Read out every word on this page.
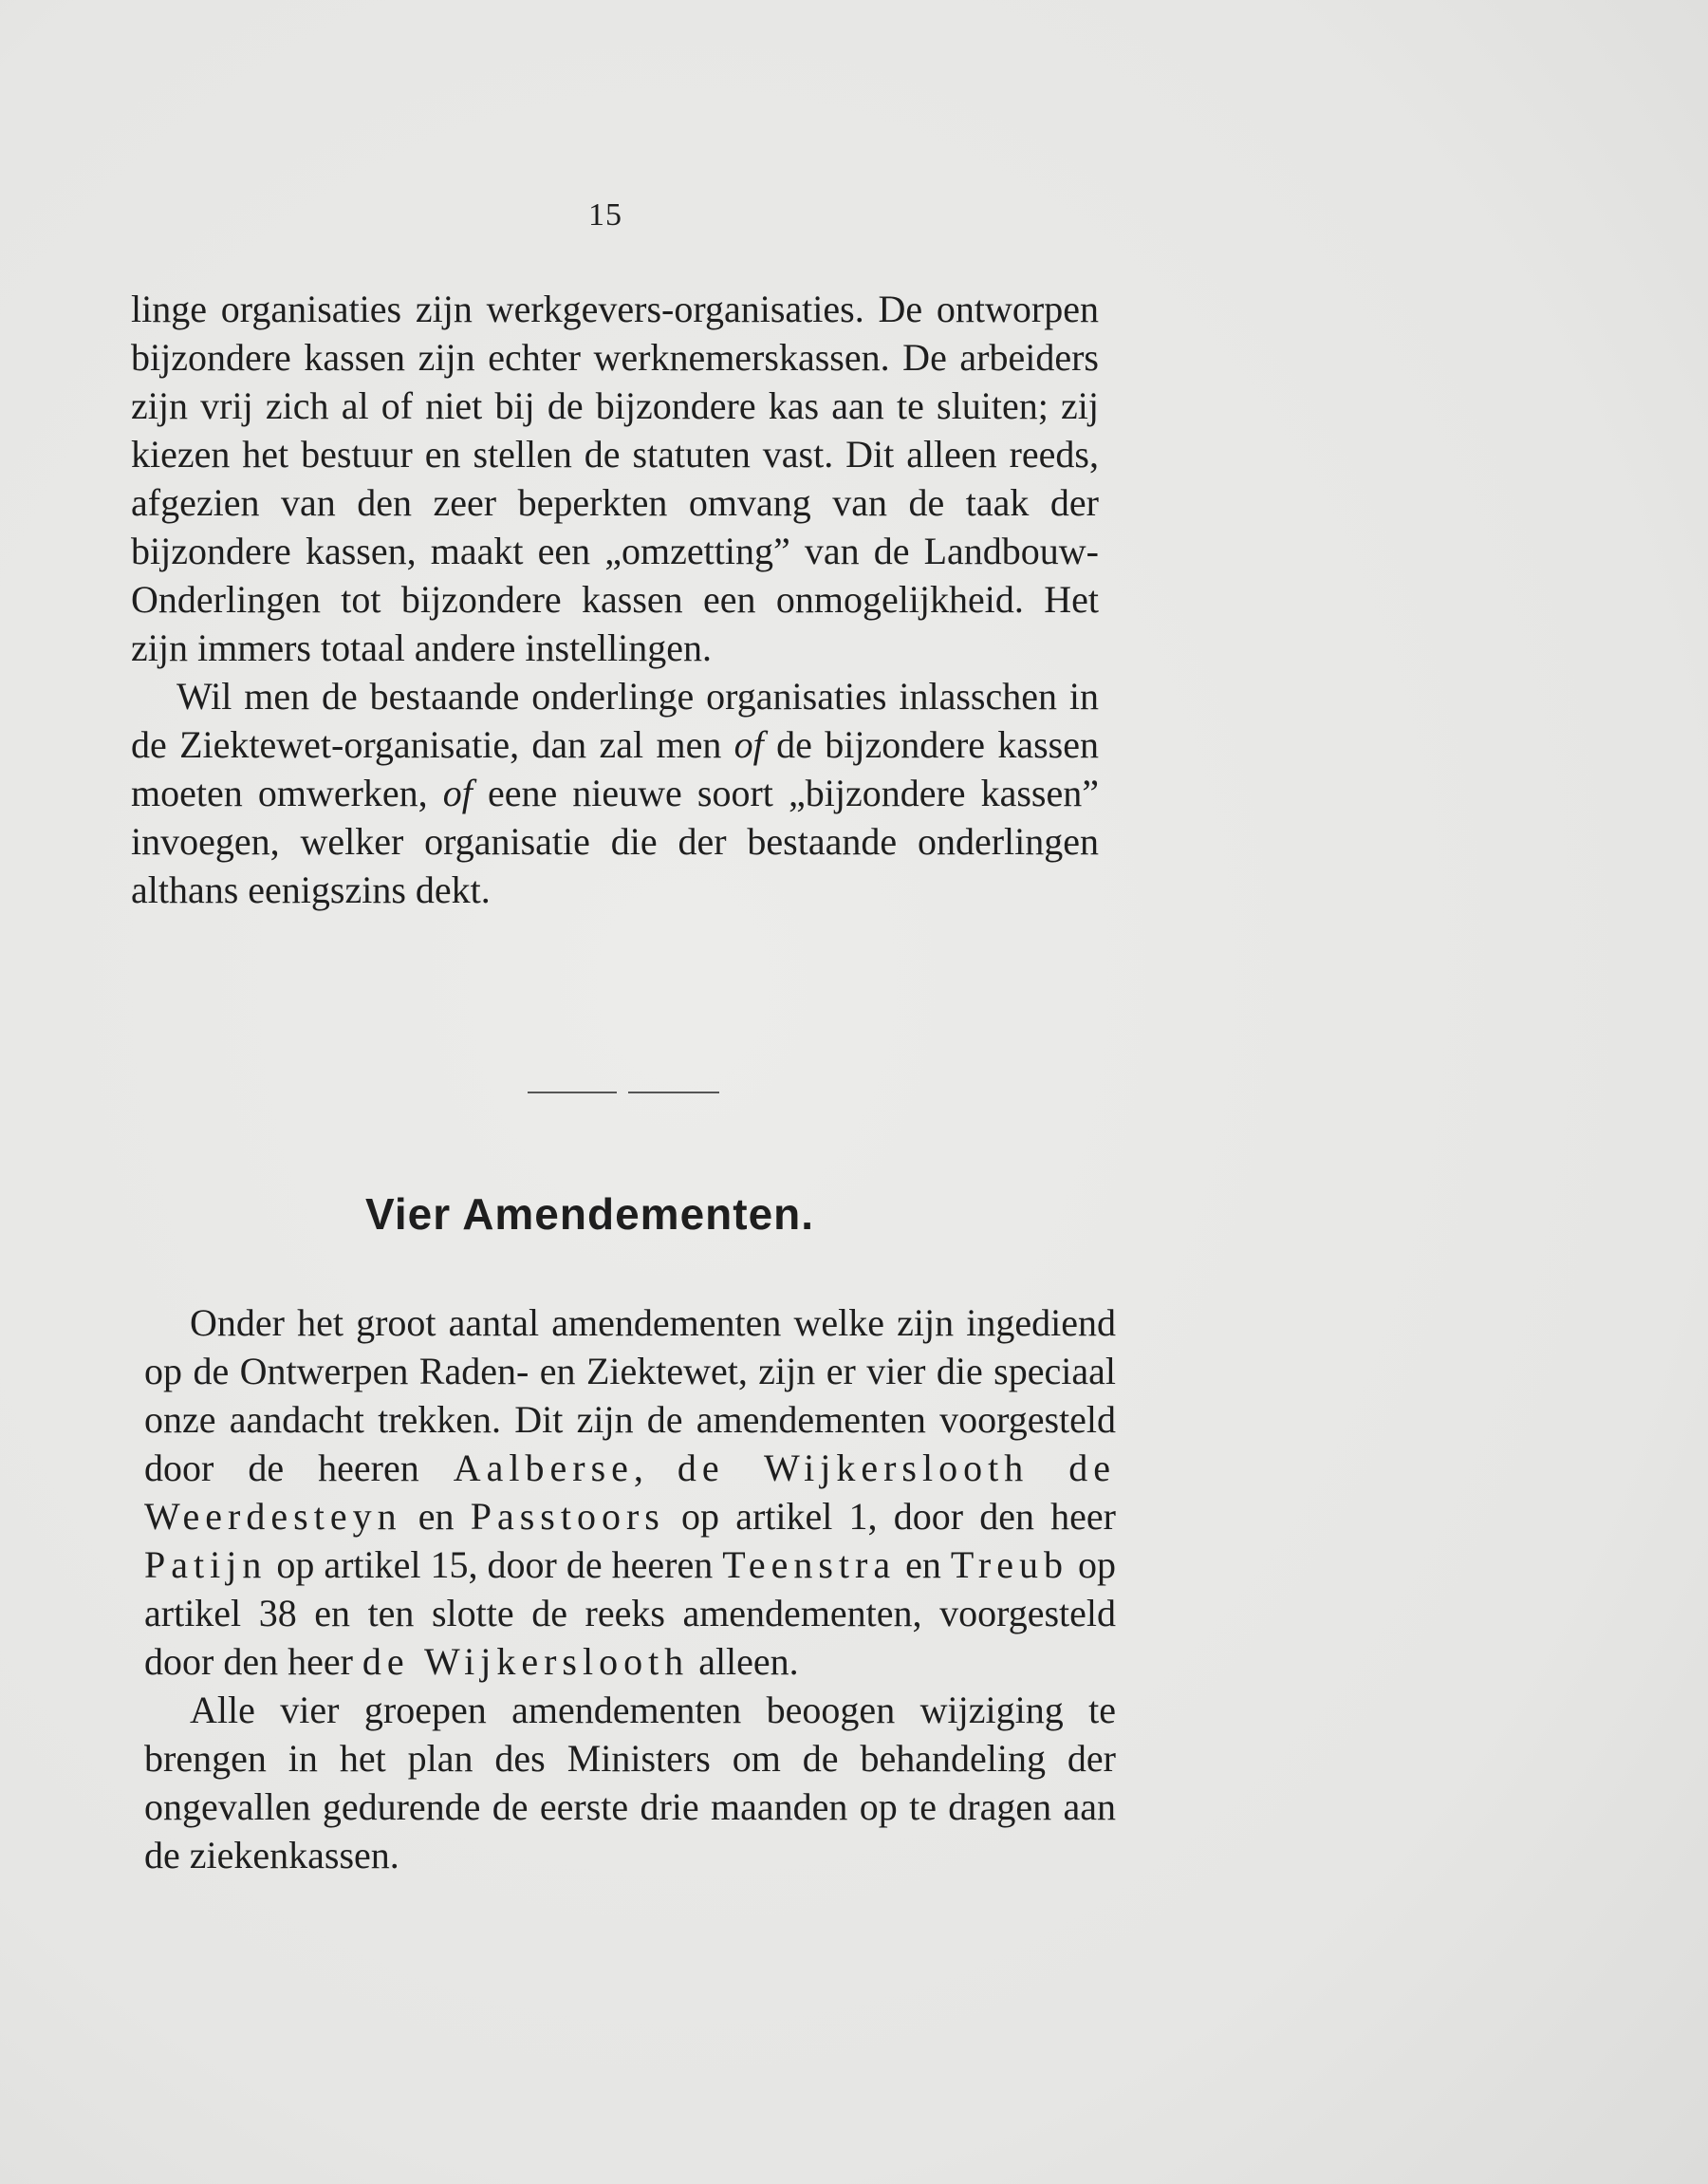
15

linge organisaties zijn werkgevers-organisaties. De ontworpen bijzondere kassen zijn echter werknemerskassen. De arbeiders zijn vrij zich al of niet bij de bijzondere kas aan te sluiten; zij kiezen het bestuur en stellen de statuten vast. Dit alleen reeds, afgezien van den zeer beperkten omvang van de taak der bijzondere kassen, maakt een „omzetting” van de Landbouw-Onderlingen tot bijzondere kassen een onmogelijkheid. Het zijn immers totaal andere instellingen.

Wil men de bestaande onderlinge organisaties inlasschen in de Ziektewet-organisatie, dan zal men of de bijzondere kassen moeten omwerken, of eene nieuwe soort „bijzondere kassen” invoegen, welker organisatie die der bestaande onderlingen althans eenigszins dekt.

Vier Amendementen.

Onder het groot aantal amendementen welke zijn ingediend op de Ontwerpen Raden- en Ziektewet, zijn er vier die speciaal onze aandacht trekken. Dit zijn de amendementen voorgesteld door de heeren Aalberse, de Wijkerslooth de Weerdesteyn en Passtoors op artikel 1, door den heer Patijn op artikel 15, door de heeren Teenstra en Treub op artikel 38 en ten slotte de reeks amendementen, voorgesteld door den heer de Wijkerslooth alleen.

Alle vier groepen amendementen beoogen wijziging te brengen in het plan des Ministers om de behandeling der ongevallen gedurende de eerste drie maanden op te dragen aan de ziekenkassen.
